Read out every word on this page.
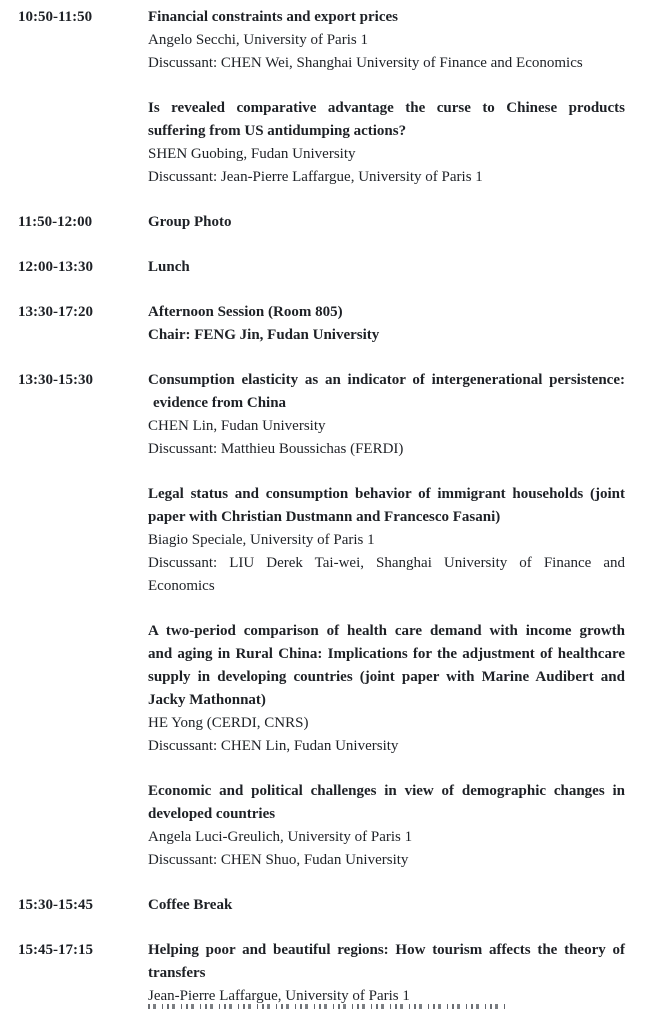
10:50-11:50	Financial constraints and export prices
Angelo Secchi, University of Paris 1
Discussant: CHEN Wei, Shanghai University of Finance and Economics
Is revealed comparative advantage the curse to Chinese products
suffering from US antidumping actions?
SHEN Guobing, Fudan University
Discussant: Jean-Pierre Laffargue, University of Paris 1
11:50-12:00	Group Photo
12:00-13:30	Lunch
13:30-17:20	Afternoon Session (Room 805)
Chair: FENG Jin, Fudan University
13:30-15:30	Consumption elasticity as an indicator of intergenerational persistence:
evidence from China
CHEN Lin, Fudan University
Discussant: Matthieu Boussichas (FERDI)
Legal status and consumption behavior of immigrant households (joint
paper with Christian Dustmann and Francesco Fasani)
Biagio Speciale, University of Paris 1
Discussant: LIU Derek Tai-wei, Shanghai University of Finance and
Economics
A two-period comparison of health care demand with income growth
and aging in Rural China: Implications for the adjustment of healthcare
supply in developing countries (joint paper with Marine Audibert and
Jacky Mathonnat)
HE Yong (CERDI, CNRS)
Discussant: CHEN Lin, Fudan University
Economic and political challenges in view of demographic changes in
developed countries
Angela Luci-Greulich, University of Paris 1
Discussant: CHEN Shuo, Fudan University
15:30-15:45	Coffee Break
15:45-17:15	Helping poor and beautiful regions: How tourism affects the theory of
transfers
Jean-Pierre Laffargue, University of Paris 1
